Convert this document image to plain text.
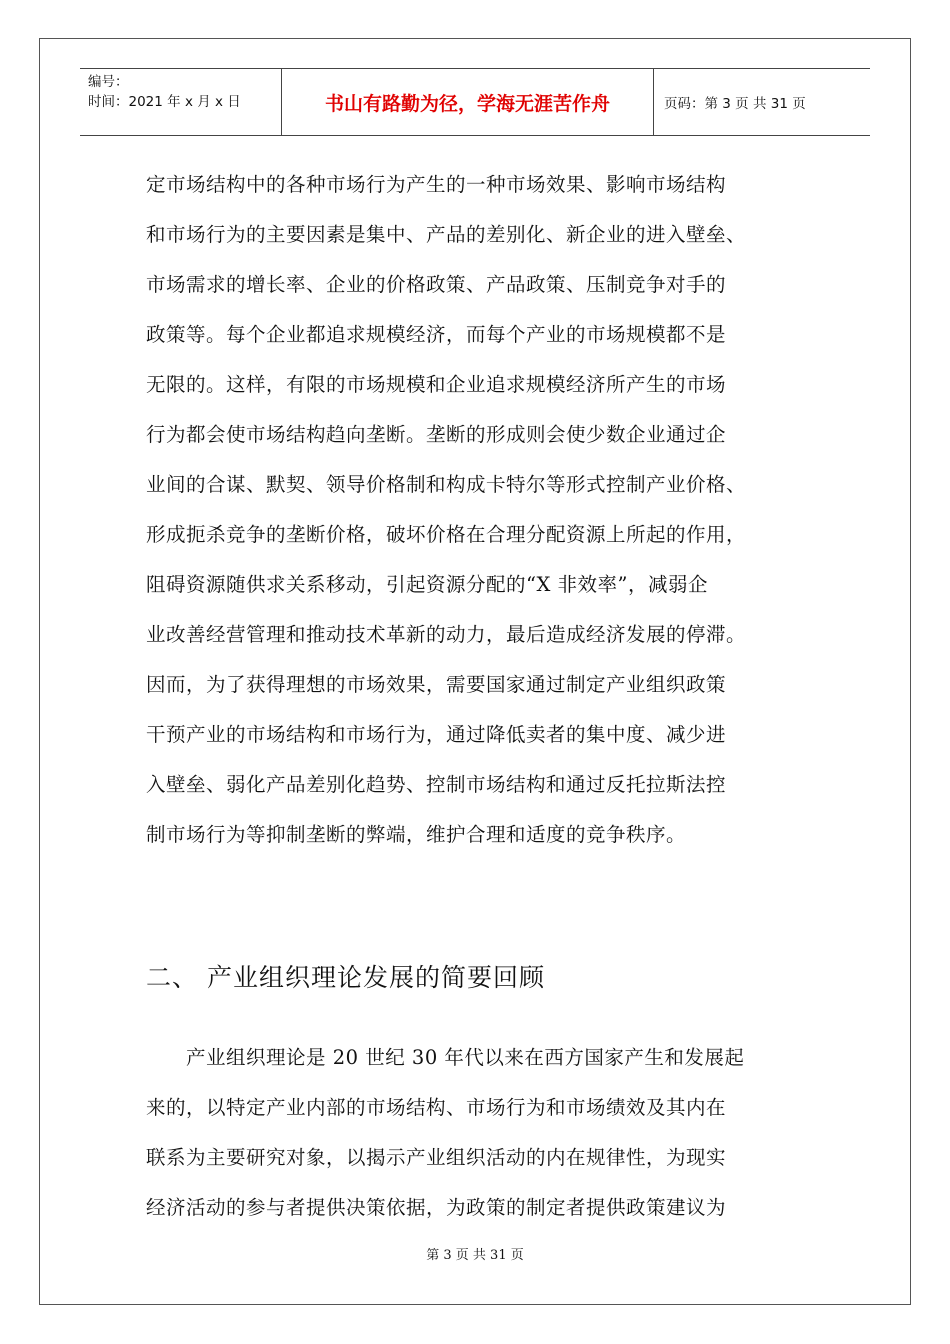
编号：
时间：2021 年 x 月 x 日	书山有路勤为径，学海无涯苦作舟	页码：第 3 页 共 31 页
定市场结构中的各种市场行为产生的一种市场效果、影响市场结构
和市场行为的主要因素是集中、产品的差别化、新企业的进入壁垒、
市场需求的增长率、企业的价格政策、产品政策、压制竞争对手的
政策等。每个企业都追求规模经济，而每个产业的市场规模都不是
无限的。这样，有限的市场规模和企业追求规模经济所产生的市场
行为都会使市场结构趋向垄断。垄断的形成则会使少数企业通过企
业间的合谋、默契、领导价格制和构成卡特尔等形式控制产业价格、
形成扼杀竞争的垄断价格，破坏价格在合理分配资源上所起的作用，
阻碍资源随供求关系移动，引起资源分配的“X 非效率”，减弱企
业改善经营管理和推动技术革新的动力，最后造成经济发展的停滞。
因而，为了获得理想的市场效果，需要国家通过制定产业组织政策
干预产业的市场结构和市场行为，通过降低卖者的集中度、减少进
入壁垒、弱化产品差别化趋势、控制市场结构和通过反托拉斯法控
制市场行为等抑制垄断的弊端，维护合理和适度的竞争秩序。
二、 产业组织理论发展的简要回顾
　　产业组织理论是 20 世纪 30 年代以来在西方国家产生和发展起
来的，以特定产业内部的市场结构、市场行为和市场绩效及其内在
联系为主要研究对象，以揭示产业组织活动的内在规律性，为现实
经济活动的参与者提供决策依据，为政策的制定者提供政策建议为
第 3 页 共 31 页
